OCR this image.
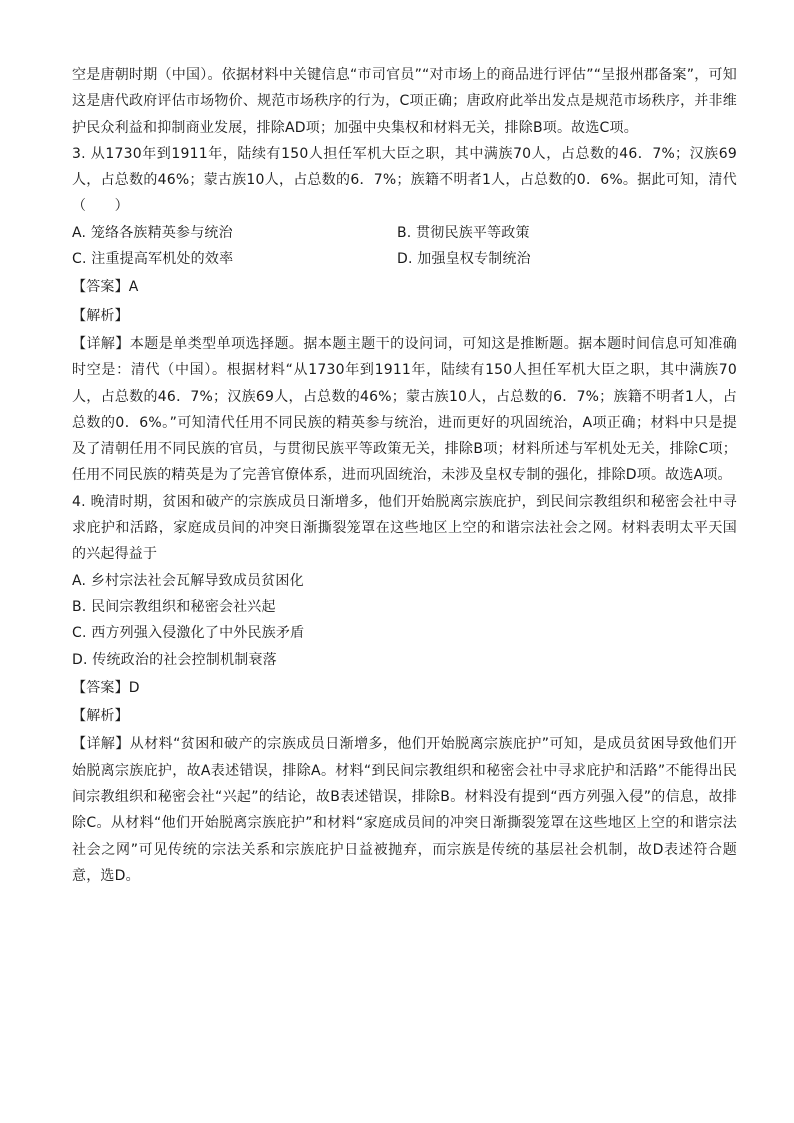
空是唐朝时期（中国）。依据材料中关键信息“市司官员”“对市场上的商品进行评估”“呈报州郡备案”，可知这是唐代政府评估市场物价、规范市场秩序的行为，C项正确；唐政府此举出发点是规范市场秩序，并非维护民众利益和抑制商业发展，排除AD项；加强中央集权和材料无关，排除B项。故选C项。

3. 从1730年到1911年，陆续有150人担任军机大臣之职，其中满族70人，占总数的46．7%；汉族69人，占总数的46%；蒙古族10人，占总数的6．7%；族籍不明者1人，占总数的0．6%。据此可知，清代（　　）

A. 笼络各族精英参与统治	B. 贯彻民族平等政策
C. 注重提高军机处的效率	D. 加强皇权专制统治

【答案】A

【解析】

【详解】本题是单类型单项选择题。据本题主题干的设问词，可知这是推断题。据本题时间信息可知准确时空是：清代（中国）。根据材料“从1730年到1911年，陆续有150人担任军机大臣之职，其中满族70人，占总数的46．7%；汉族69人，占总数的46%；蒙古族10人，占总数的6．7%；族籍不明者1人，占总数的0．6%。”可知清代任用不同民族的精英参与统治，进而更好的巩固统治，A项正确；材料中只是提及了清朝任用不同民族的官员，与贯彻民族平等政策无关，排除B项；材料所述与军机处无关，排除C项；任用不同民族的精英是为了完善官僚体系，进而巩固统治，未涉及皇权专制的强化，排除D项。故选A项。

4. 晚清时期，贫困和破产的宗族成员日渐增多，他们开始脱离宗族庇护，到民间宗教组织和秘密会社中寻求庇护和活路，家庭成员间的冲突日渐撕裂笼罩在这些地区上空的和谐宗法社会之网。材料表明太平天国的兴起得益于

A. 乡村宗法社会瓦解导致成员贫困化

B. 民间宗教组织和秘密会社兴起

C. 西方列强入侵激化了中外民族矛盾

D. 传统政治的社会控制机制衰落

【答案】D

【解析】

【详解】从材料“贫困和破产的宗族成员日渐增多，他们开始脱离宗族庇护”可知，是成员贫困导致他们开始脱离宗族庇护，故A表述错误，排除A。材料“到民间宗教组织和秘密会社中寻求庇护和活路”不能得出民间宗教组织和秘密会社“兴起”的结论，故B表述错误，排除B。材料没有提到“西方列强入侵”的信息，故排除C。从材料“他们开始脱离宗族庇护”和材料“家庭成员间的冲突日渐撕裂笼罩在这些地区上空的和谐宗法社会之网”可见传统的宗法关系和宗族庇护日益被抛弃，而宗族是传统的基层社会机制，故D表述符合题意，选D。
